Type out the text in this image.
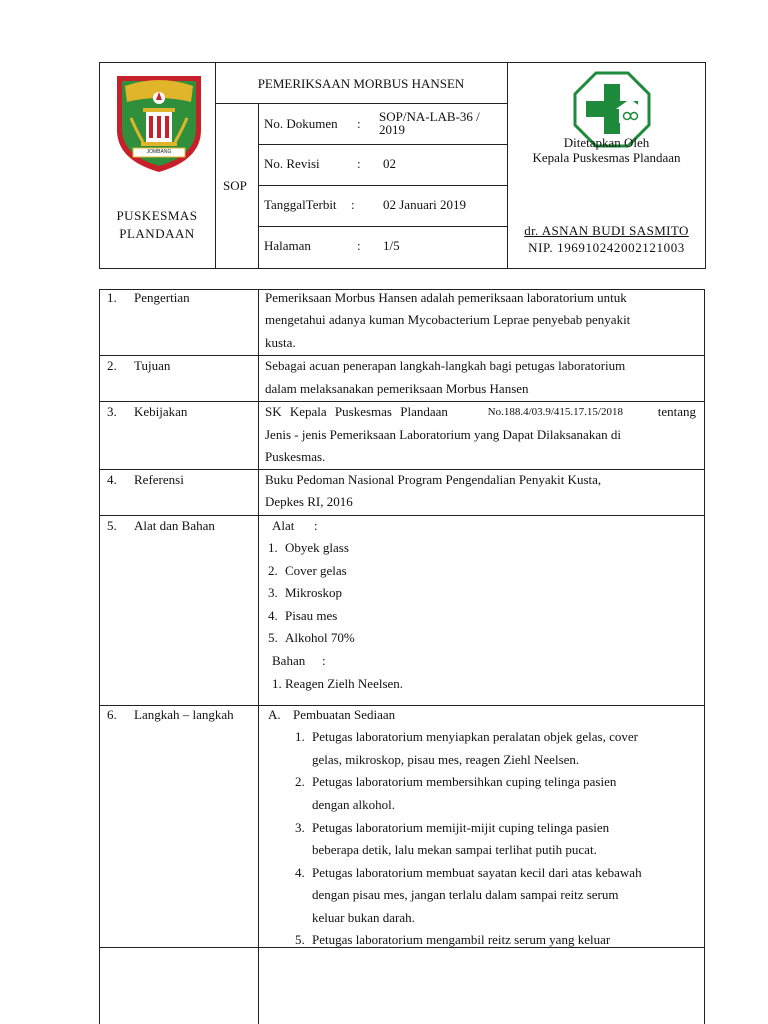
JOMBANG
PUSKESMAS
PLANDAAN
PEMERIKSAAN MORBUS HANSEN
SOP
No. Dokumen : SOP/NA-LAB-36 / 2019
No. Revisi	: 02
TanggalTerbit : 02 Januari 2019
Halaman	: 1/5
Ditetapkan Oleh
Kepala Puskesmas Plandaan
dr. ASNAN BUDI SASMITO
NIP. 196910242002121003
1. Pengertian	Pemeriksaan Morbus Hansen adalah pemeriksaan laboratorium untuk
mengetahui adanya kuman Mycobacterium Leprae penyebab penyakit
kusta.
2. Tujuan	Sebagai acuan penerapan langkah-langkah bagi petugas laboratorium
dalam melaksanakan pemeriksaan Morbus Hansen
3. Kebijakan	SK Kepala Puskesmas Plandaan	No.188.4/03.9/415.17.15/2018 tentang
Jenis - jenis Pemeriksaan Laboratorium yang Dapat Dilaksanakan di
Puskesmas.
4. Referensi	Buku Pedoman Nasional Program Pengendalian Penyakit Kusta,
Depkes RI, 2016
5. Alat dan Bahan	Alat :
1. Obyek glass
2. Cover gelas
3. Mikroskop
4. Pisau mes
5. Alkohol 70%
Bahan :
1. Reagen Zielh Neelsen.
6. Langkah – langkah	A. Pembuatan Sediaan
1. Petugas laboratorium menyiapkan peralatan objek gelas, cover
gelas, mikroskop, pisau mes, reagen Ziehl Neelsen.
2. Petugas laboratorium membersihkan cuping telinga pasien
dengan alkohol.
3. Petugas laboratorium memijit-mijit cuping telinga pasien
beberapa detik, lalu mekan sampai terlihat putih pucat.
4. Petugas laboratorium membuat sayatan kecil dari atas kebawah
dengan pisau mes, jangan terlalu dalam sampai reitz serum
keluar bukan darah.
5. Petugas laboratorium mengambil reitz serum yang keluar
